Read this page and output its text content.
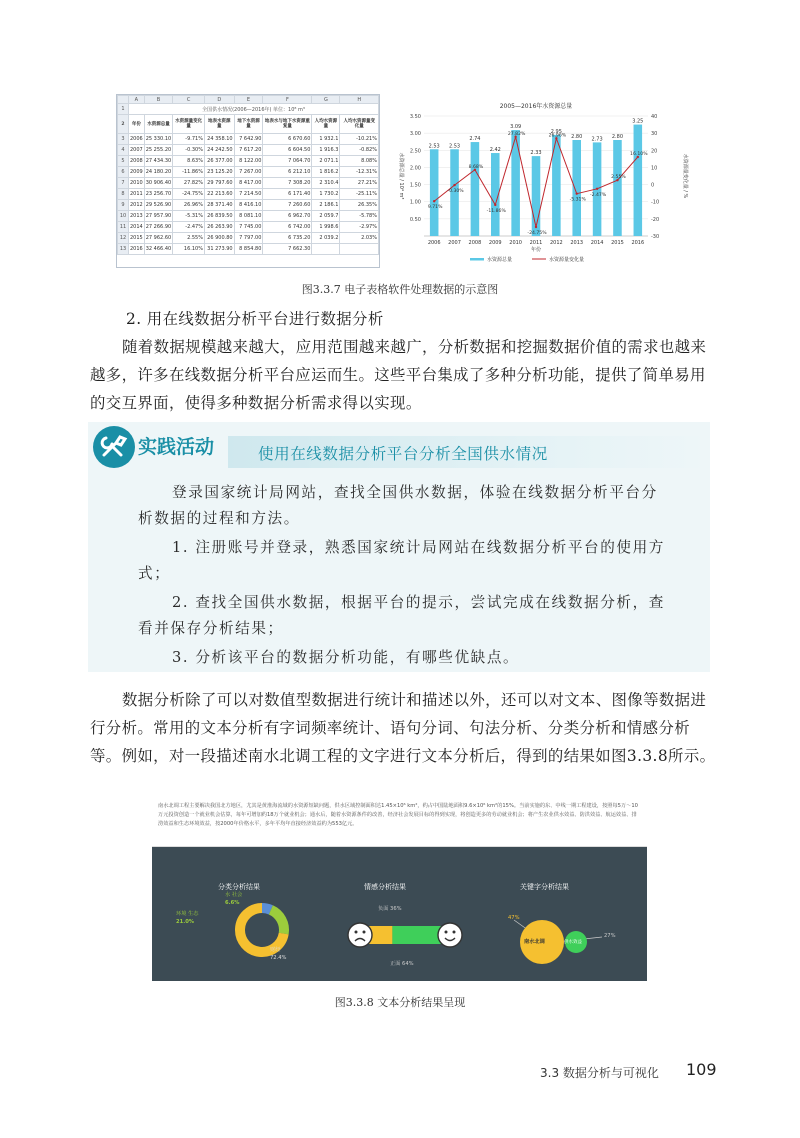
	A	B	C	D	E	F	G	H
1	全国供水情况(2006—2016年) 单位：10⁸ m³							
2	年份	水资源总量	水资源量变化量	地表水资源量	地下水资源量	地表水与地下水资源重复量	人均水资源量	人均水资源量变化量
3	2006	25 330.10	-9.71%	24 358.10	7 642.90	6 670.60	1 932.1	-10.21%
4	2007	25 255.20	-0.30%	24 242.50	7 617.20	6 604.50	1 916.3	-0.82%
5	2008	27 434.30	8.63%	26 377.00	8 122.00	7 064.70	2 071.1	8.08%
6	2009	24 180.20	-11.86%	23 125.20	7 267.00	6 212.10	1 816.2	-12.31%
7	2010	30 906.40	27.82%	29 797.60	8 417.00	7 308.20	2 310.4	27.21%
8	2011	23 256.70	-24.75%	22 213.60	7 214.50	6 171.40	1 730.2	-25.11%
9	2012	29 526.90	26.96%	28 371.40	8 416.10	7 260.60	2 186.1	26.35%
10	2013	27 957.90	-5.31%	26 839.50	8 081.10	6 962.70	2 059.7	-5.78%
11	2014	27 266.90	-2.47%	26 263.90	7 745.00	6 742.00	1 998.6	-2.97%
12	2015	27 962.60	2.55%	26 900.80	7 797.00	6 735.20	2 039.2	2.03%
13	2016	32 466.40	16.10%	31 273.90	8 854.80	7 662.30		
2005—2016年水资源总量
0.50
1.00
1.50
2.00
2.50
3.00
3.50
-30
-20
-10
0
10
20
30
40
2.53
2006
2.53
2007
2.74
2008
2.42
2009
3.09
2010
2.33
2011
2.95
2012
2.80
2013
2.73
2014
2.80
2015
3.25
2016
9.71%
-0.30%
8.68%
-11.86%
27.82%
-24.75%
26.96%
-5.31%
-2.47%
2.55%
16.10%
年份
水资源总量 / 10⁴ m³	水资源量变化量 / %
水资源总量	水资源量变化量
图3.3.7 电子表格软件处理数据的示意图
2. 用在线数据分析平台进行数据分析
随着数据规模越来越大，应用范围越来越广，分析数据和挖掘数据价值的需求也越来越多，许多在线数据分析平台应运而生。这些平台集成了多种分析功能，提供了简单易用的交互界面，使得多种数据分析需求得以实现。
实践活动	使用在线数据分析平台分析全国供水情况
登录国家统计局网站，查找全国供水数据，体验在线数据分析平台分析数据的过程和方法。
1. 注册账号并登录，熟悉国家统计局网站在线数据分析平台的使用方式；
2. 查找全国供水数据，根据平台的提示，尝试完成在线数据分析，查看并保存分析结果；
3. 分析该平台的数据分析功能，有哪些优缺点。
数据分析除了可以对数值型数据进行统计和描述以外，还可以对文本、图像等数据进行分析。常用的文本分析有字词频率统计、语句分词、句法分析、分类分析和情感分析等。例如，对一段描述南水北调工程的文字进行文本分析后，得到的结果如图3.3.8所示。
南水北调工程主要解决我国北方地区，尤其是黄淮海流域的水资源短缺问题，供水区域控制面积达1.45×10⁶ km²，约占中国陆地面积9.6×10⁶ km²的15%。当前实施的东、中线一期工程建设，按照每5万～10万元投资创造一个就业机会估算，每年可增加约18万个就业机会；通水后，随着水资源条件的改善，经济社会发展目标的得到实现，将创造更多的劳动就业机会；将产生农业供水效益、防洪效益、航运效益、排涝效益和生态环境效益，按2000年价格水平，多年平均年直接经济效益约为553亿元。
分类分析结果
水 社会
6.6%
环境 生态
21.0%
财经
72.4%
情感分析结果
负面 36%
正面 64%
关键字分析结果
47%
南水北调	供水效益
27%
图3.3.8 文本分析结果呈现
3.3 数据分析与可视化 109
